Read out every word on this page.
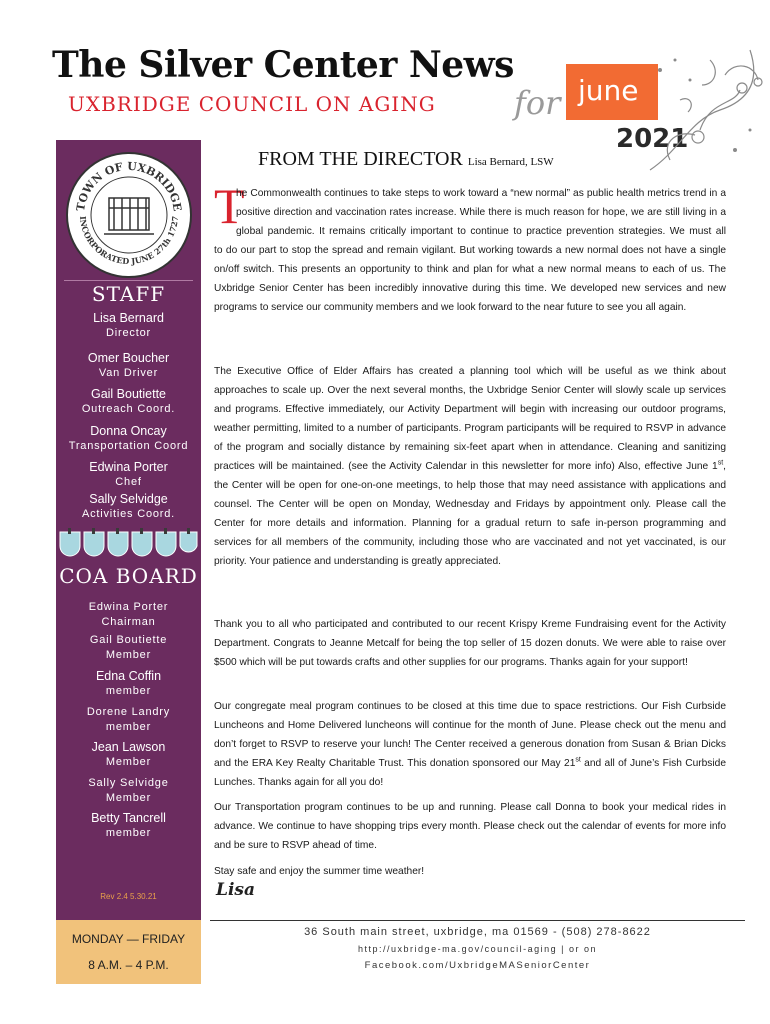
The Silver Center News
UXBRIDGE COUNCIL ON AGING	june
for
2021
TOWN OF UXBRIDGE
INCORPORATED JUNE 27th 1727
STAFF
Lisa Bernard
Director
Omer Boucher
Van Driver
Gail Boutiette
Outreach Coord.
Donna Oncay
Transportation Coord
Edwina Porter
Chef
Sally Selvidge
Activities Coord.
COA BOARD
Edwina Porter
Chairman
Gail Boutiette
Member
Edna Coffin
member
Dorene Landry
member
Jean Lawson
Member
Sally Selvidge
Member
Betty Tancrell
member
Rev 2.4 5.30.21
MONDAY — FRIDAY
8 A.M. – 4 P.M.
36 South main street, uxbridge, ma 01569 - (508) 278-8622
http://uxbridge-ma.gov/council-aging | or on
Facebook.com/UxbridgeMASeniorCenter
FROM THE DIRECTOR Lisa Bernard, LSW
T
he Commonwealth continues to take steps to work toward a “new normal” as public health metrics trend in a positive direction and vaccination rates increase. While there is much reason for hope, we are still living in a global pandemic. It remains critically important to continue to practice prevention strategies. We must all
to do our part to stop the spread and remain vigilant. But working towards a new normal does not have a single on/off switch. This presents an opportunity to think and plan for what a new normal means to each of us. The Uxbridge Senior Center has been incredibly innovative during this time. We developed new services and new programs to service our community members and we look forward to the near future to see you all again.
The Executive Office of Elder Affairs has created a planning tool which will be useful as we think about approaches to scale up. Over the next several months, the Uxbridge Senior Center will slowly scale up services and programs. Effective immediately, our Activity Department will begin with increasing our outdoor programs, weather permitting, limited to a number of participants. Program participants will be required to RSVP in advance of the program and socially distance by remaining six-feet apart when in attendance. Cleaning and sanitizing practices will be maintained. (see the Activity Calendar in this newsletter for more info) Also, effective June 1st, the Center will be open for one-on-one meetings, to help those that may need assistance with applications and counsel. The Center will be open on Monday, Wednesday and Fridays by appointment only. Please call the Center for more details and information. Planning for a gradual return to safe in-person programming and services for all members of the community, including those who are vaccinated and not yet vaccinated, is our priority. Your patience and understanding is greatly appreciated.
Thank you to all who participated and contributed to our recent Krispy Kreme Fundraising event for the Activity Department. Congrats to Jeanne Metcalf for being the top seller of 15 dozen donuts. We were able to raise over $500 which will be put towards crafts and other supplies for our programs. Thanks again for your support!
Our congregate meal program continues to be closed at this time due to space restrictions. Our Fish Curbside Luncheons and Home Delivered luncheons will continue for the month of June. Please check out the menu and don’t forget to RSVP to reserve your lunch! The Center received a generous donation from Susan & Brian Dicks and the ERA Key Realty Charitable Trust. This donation sponsored our May 21st and all of June’s Fish Curbside Lunches. Thanks again for all you do!
Our Transportation program continues to be up and running. Please call Donna to book your medical rides in advance. We continue to have shopping trips every month. Please check out the calendar of events for more info and be sure to RSVP ahead of time.
Stay safe and enjoy the summer time weather!
Lisa
